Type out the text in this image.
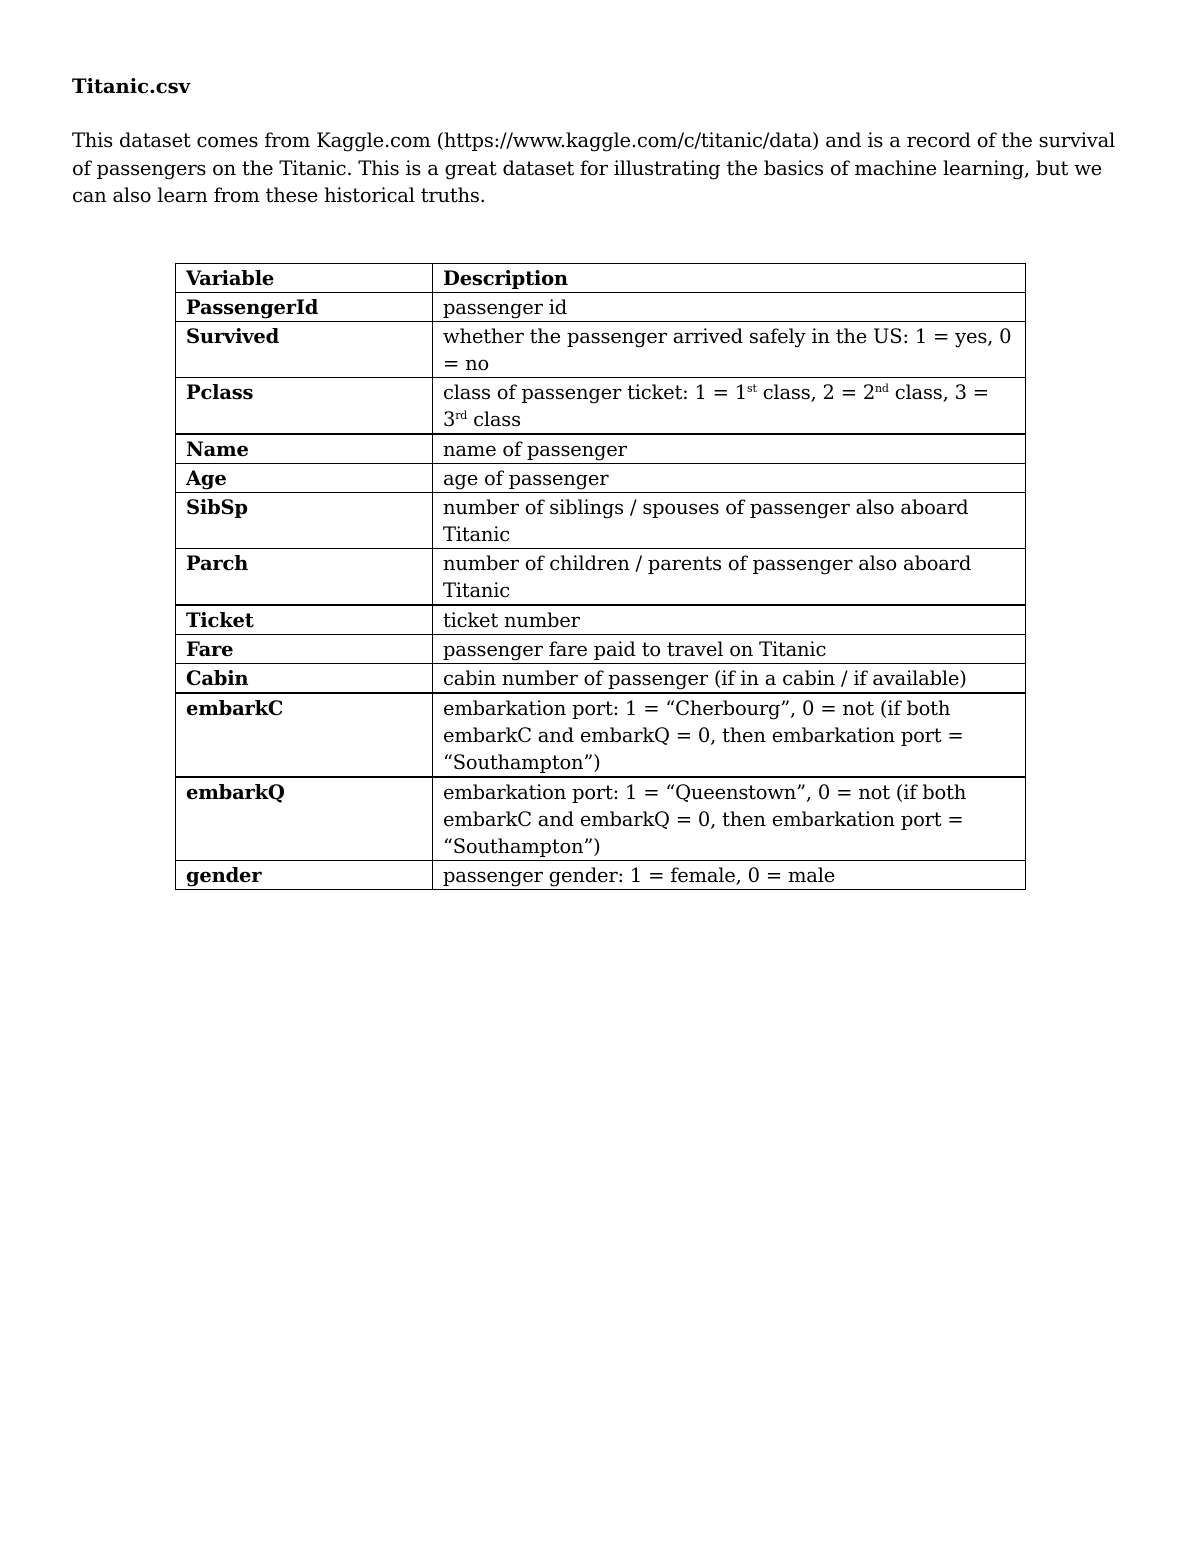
Titanic.csv

This dataset comes from Kaggle.com (https://www.kaggle.com/c/titanic/data) and is a record of the survival of passengers on the Titanic. This is a great dataset for illustrating the basics of machine learning, but we can also learn from these historical truths.

Variable	Description
PassengerId	passenger id
Survived	whether the passenger arrived safely in the US: 1 = yes, 0 = no
Pclass	class of passenger ticket: 1 = 1st class, 2 = 2nd class, 3 = 3rd class
Name	name of passenger
Age	age of passenger
SibSp	number of siblings / spouses of passenger also aboard Titanic
Parch	number of children / parents of passenger also aboard Titanic
Ticket	ticket number
Fare	passenger fare paid to travel on Titanic
Cabin	cabin number of passenger (if in a cabin / if available)
embarkC	embarkation port: 1 = “Cherbourg”, 0 = not (if both embarkC and embarkQ = 0, then embarkation port = “Southampton”)
embarkQ	embarkation port: 1 = “Queenstown”, 0 = not (if both embarkC and embarkQ = 0, then embarkation port = “Southampton”)
gender	passenger gender: 1 = female, 0 = male
